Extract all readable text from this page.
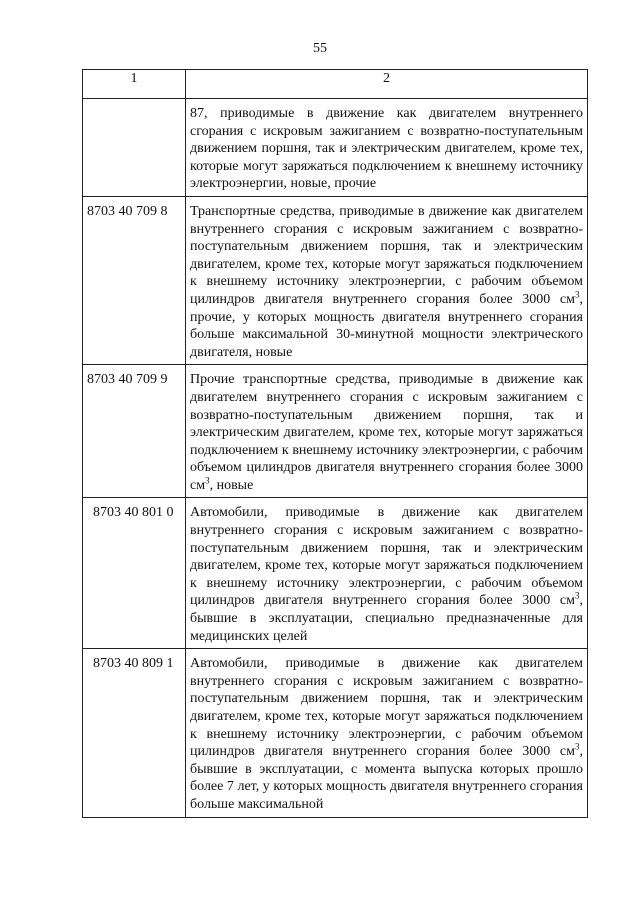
55
1	2
	87, приводимые в движение как двигателем внутреннего сгорания с искровым зажиганием с возвратно-поступательным движением поршня, так и электрическим двигателем, кроме тех, которые могут заряжаться подключением к внешнему источнику электроэнергии, новые, прочие
8703 40 709 8	Транспортные средства, приводимые в движение как двигателем внутреннего сгорания с искровым зажиганием с возвратно-поступательным движением поршня, так и электрическим двигателем, кроме тех, которые могут заряжаться подключением к внешнему источнику электроэнергии, с рабочим объемом цилиндров двигателя внутреннего сгорания более 3000 $см^3$, прочие, у которых мощность двигателя внутреннего сгорания больше максимальной 30-минутной мощности электрического двигателя, новые
8703 40 709 9	Прочие транспортные средства, приводимые в движение как двигателем внутреннего сгорания с искровым зажиганием с возвратно-поступательным движением поршня, так и электрическим двигателем, кроме тех, которые могут заряжаться подключением к внешнему источнику электроэнергии, с рабочим объемом цилиндров двигателя внутреннего сгорания более 3000 $см^3$, новые
8703 40 801 0	Автомобили, приводимые в движение как двигателем внутреннего сгорания с искровым зажиганием с возвратно-поступательным движением поршня, так и электрическим двигателем, кроме тех, которые могут заряжаться подключением к внешнему источнику электроэнергии, с рабочим объемом цилиндров двигателя внутреннего сгорания более 3000 $см^3$, бывшие в эксплуатации, специально предназначенные для медицинских целей
8703 40 809 1	Автомобили, приводимые в движение как двигателем внутреннего сгорания с искровым зажиганием с возвратно-поступательным движением поршня, так и электрическим двигателем, кроме тех, которые могут заряжаться подключением к внешнему источнику электроэнергии, с рабочим объемом цилиндров двигателя внутреннего сгорания более 3000 $см^3$, бывшие в эксплуатации, с момента выпуска которых прошло более 7 лет, у которых мощность двигателя внутреннего сгорания больше максимальной
